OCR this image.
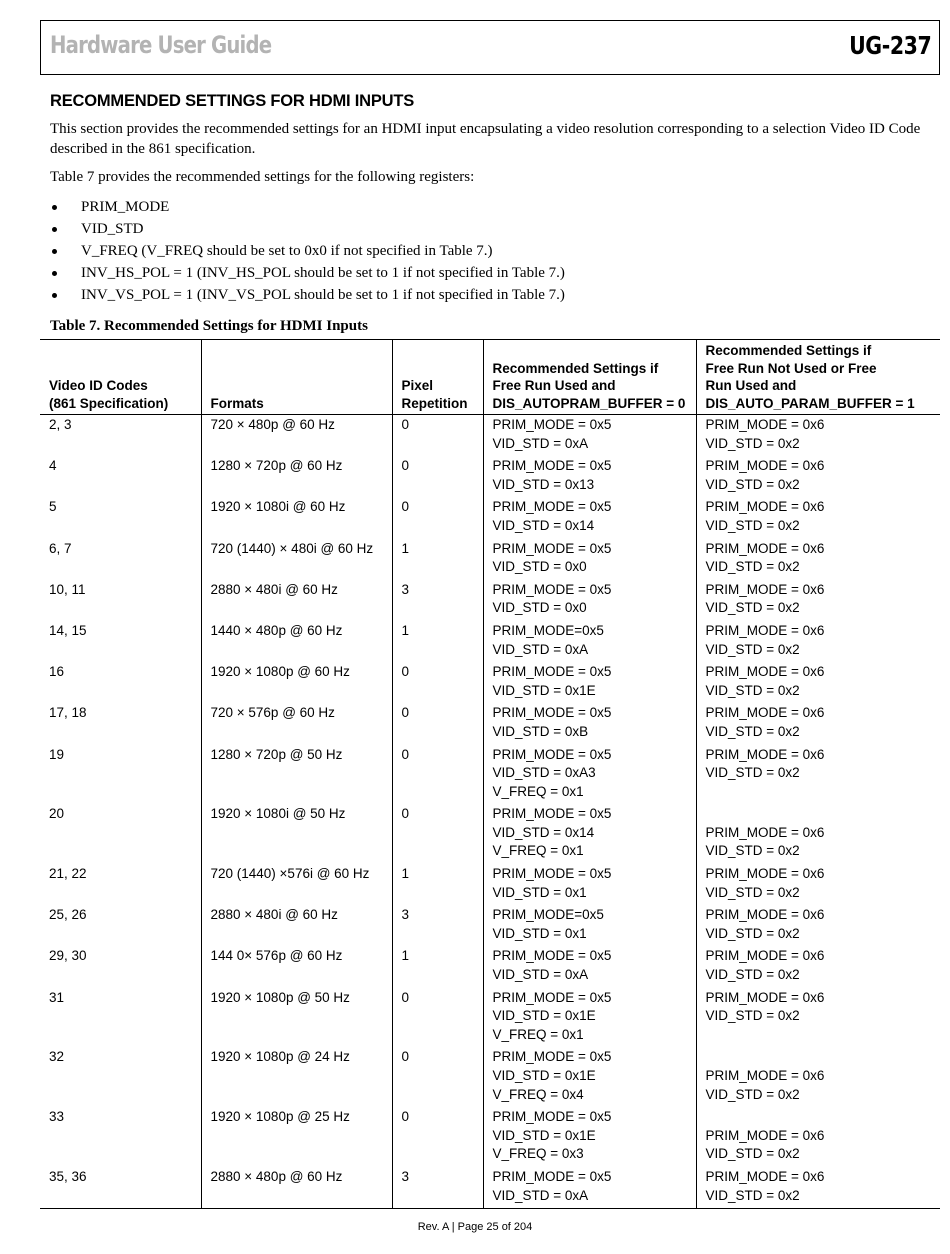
Hardware User Guide	UG-237
RECOMMENDED SETTINGS FOR HDMI INPUTS
This section provides the recommended settings for an HDMI input encapsulating a video resolution corresponding to a selection Video ID Code described in the 861 specification.
Table 7 provides the recommended settings for the following registers:
PRIM_MODE
VID_STD
V_FREQ (V_FREQ should be set to 0x0 if not specified in Table 7.)
INV_HS_POL = 1 (INV_HS_POL should be set to 1 if not specified in Table 7.)
INV_VS_POL = 1 (INV_VS_POL should be set to 1 if not specified in Table 7.)
Table 7. Recommended Settings for HDMI Inputs
Video ID Codes
(861 Specification)	Formats	Pixel
Repetition	Recommended Settings if
Free Run Used and
DIS_AUTOPRAM_BUFFER = 0	Recommended Settings if
Free Run Not Used or Free
Run Used and
DIS_AUTO_PARAM_BUFFER = 1
2, 3	720 × 480p @ 60 Hz	0	PRIM_MODE = 0x5
VID_STD = 0xA	PRIM_MODE = 0x6
VID_STD = 0x2
4	1280 × 720p @ 60 Hz	0	PRIM_MODE = 0x5
VID_STD = 0x13	PRIM_MODE = 0x6
VID_STD = 0x2
5	1920 × 1080i @ 60 Hz	0	PRIM_MODE = 0x5
VID_STD = 0x14	PRIM_MODE = 0x6
VID_STD = 0x2
6, 7	720 (1440) × 480i @ 60 Hz	1	PRIM_MODE = 0x5
VID_STD = 0x0	PRIM_MODE = 0x6
VID_STD = 0x2
10, 11	2880 × 480i @ 60 Hz	3	PRIM_MODE = 0x5
VID_STD = 0x0	PRIM_MODE = 0x6
VID_STD = 0x2
14, 15	1440 × 480p @ 60 Hz	1	PRIM_MODE=0x5
VID_STD = 0xA	PRIM_MODE = 0x6
VID_STD = 0x2
16	1920 × 1080p @ 60 Hz	0	PRIM_MODE = 0x5
VID_STD = 0x1E	PRIM_MODE = 0x6
VID_STD = 0x2
17, 18	720 × 576p @ 60 Hz	0	PRIM_MODE = 0x5
VID_STD = 0xB	PRIM_MODE = 0x6
VID_STD = 0x2
19	1280 × 720p @ 50 Hz	0	PRIM_MODE = 0x5
VID_STD = 0xA3
V_FREQ = 0x1	PRIM_MODE = 0x6
VID_STD = 0x2
20	1920 × 1080i @ 50 Hz	0	PRIM_MODE = 0x5
VID_STD = 0x14
V_FREQ = 0x1	PRIM_MODE = 0x6
VID_STD = 0x2
21, 22	720 (1440) ×576i @ 60 Hz	1	PRIM_MODE = 0x5
VID_STD = 0x1	PRIM_MODE = 0x6
VID_STD = 0x2
25, 26	2880 × 480i @ 60 Hz	3	PRIM_MODE=0x5
VID_STD = 0x1	PRIM_MODE = 0x6
VID_STD = 0x2
29, 30	144 0× 576p @ 60 Hz	1	PRIM_MODE = 0x5
VID_STD = 0xA	PRIM_MODE = 0x6
VID_STD = 0x2
31	1920 × 1080p @ 50 Hz	0	PRIM_MODE = 0x5
VID_STD = 0x1E
V_FREQ = 0x1	PRIM_MODE = 0x6
VID_STD = 0x2
32	1920 × 1080p @ 24 Hz	0	PRIM_MODE = 0x5
VID_STD = 0x1E
V_FREQ = 0x4	PRIM_MODE = 0x6
VID_STD = 0x2
33	1920 × 1080p @ 25 Hz	0	PRIM_MODE = 0x5
VID_STD = 0x1E
V_FREQ = 0x3	PRIM_MODE = 0x6
VID_STD = 0x2
35, 36	2880 × 480p @ 60 Hz	3	PRIM_MODE = 0x5
VID_STD = 0xA	PRIM_MODE = 0x6
VID_STD = 0x2
Rev. A | Page 25 of 204
